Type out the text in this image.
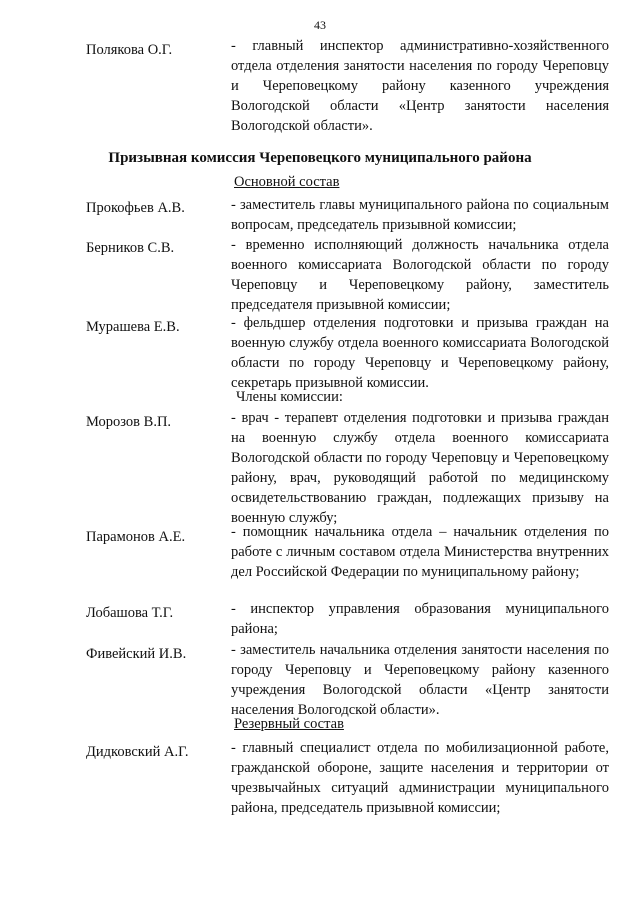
43
Полякова О.Г.	- главный инспектор административно-хозяйственного отдела отделения занятости населения по городу Череповцу и Череповецкому району казенного учреждения Вологодской области «Центр занятости населения Вологодской области».
Призывная комиссия Череповецкого муниципального района
Основной состав
Прокофьев А.В.	- заместитель главы муниципального района по социальным вопросам, председатель призывной комиссии;
Берников С.В.	- временно исполняющий должность начальника отдела военного комиссариата Вологодской области по городу Череповцу и Череповецкому району, заместитель председателя призывной комиссии;
Мурашева Е.В.	- фельдшер отделения подготовки и призыва граждан на военную службу отдела военного комиссариата Вологодской области по городу Череповцу и Череповецкому району, секретарь призывной комиссии.
Члены комиссии:
Морозов В.П.	- врач - терапевт отделения подготовки и призыва граждан на военную службу отдела военного комиссариата Вологодской области по городу Череповцу и Череповецкому району, врач, руководящий работой по медицинскому освидетельствованию граждан, подлежащих призыву на военную службу;
Парамонов А.Е.	- помощник начальника отдела – начальник отделения по работе с личным составом отдела Министерства внутренних дел Российской Федерации по муниципальному району;
Лобашова Т.Г.	- инспектор управления образования муниципального района;
Фивейский И.В.	- заместитель начальника отделения занятости населения по городу Череповцу и Череповецкому району казенного учреждения Вологодской области «Центр занятости населения Вологодской области».
Резервный состав
Дидковский А.Г.	- главный специалист отдела по мобилизационной работе, гражданской обороне, защите населения и территории от чрезвычайных ситуаций администрации муниципального района, председатель призывной комиссии;
